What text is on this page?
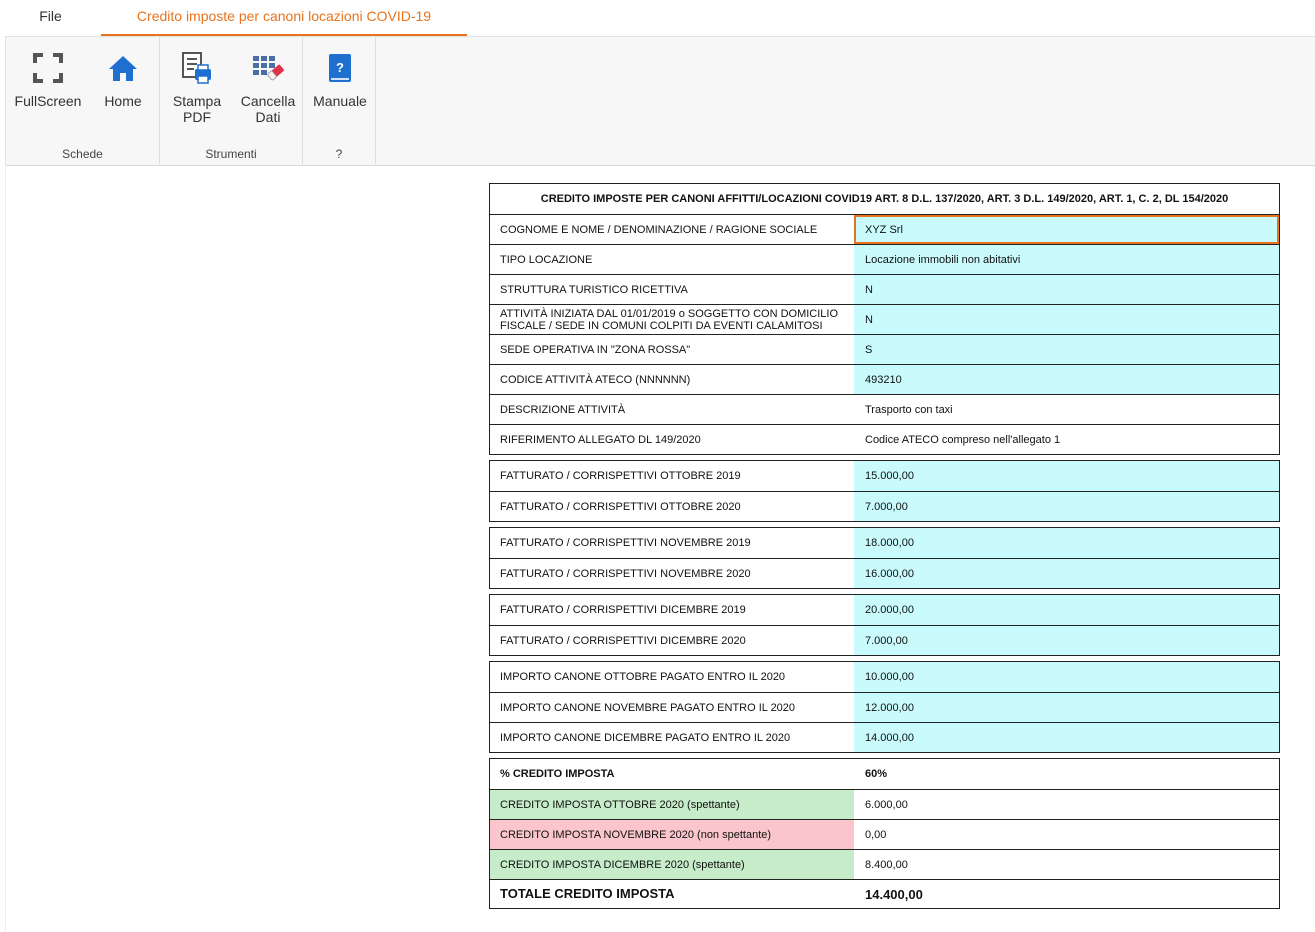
File	Credito imposte per canoni locazioni COVID-19
FullScreen	Home
Schede
Stampa
PDF
Cancella
Dati
Strumenti
?
Manuale
?
CREDITO IMPOSTE PER CANONI AFFITTI/LOCAZIONI COVID19 ART. 8 D.L. 137/2020, ART. 3 D.L. 149/2020, ART. 1, C. 2, DL 154/2020
COGNOME E NOME / DENOMINAZIONE / RAGIONE SOCIALE	XYZ Srl
TIPO LOCAZIONE	Locazione immobili non abitativi
STRUTTURA TURISTICO RICETTIVA	N
ATTIVITÀ INIZIATA DAL 01/01/2019 o SOGGETTO CON DOMICILIO FISCALE / SEDE IN COMUNI COLPITI DA EVENTI CALAMITOSI	N
SEDE OPERATIVA IN "ZONA ROSSA"	S
CODICE ATTIVITÀ ATECO (NNNNNN)	493210
DESCRIZIONE ATTIVITÀ	Trasporto con taxi
RIFERIMENTO ALLEGATO DL 149/2020	Codice ATECO compreso nell'allegato 1
FATTURATO / CORRISPETTIVI OTTOBRE 2019	15.000,00
FATTURATO / CORRISPETTIVI OTTOBRE 2020	7.000,00
FATTURATO / CORRISPETTIVI NOVEMBRE 2019	18.000,00
FATTURATO / CORRISPETTIVI NOVEMBRE 2020	16.000,00
FATTURATO / CORRISPETTIVI DICEMBRE 2019	20.000,00
FATTURATO / CORRISPETTIVI DICEMBRE 2020	7.000,00
IMPORTO CANONE OTTOBRE PAGATO ENTRO IL 2020	10.000,00
IMPORTO CANONE NOVEMBRE PAGATO ENTRO IL 2020	12.000,00
IMPORTO CANONE DICEMBRE PAGATO ENTRO IL 2020	14.000,00
% CREDITO IMPOSTA	60%
CREDITO IMPOSTA OTTOBRE 2020 (spettante)	6.000,00
CREDITO IMPOSTA NOVEMBRE 2020 (non spettante)	0,00
CREDITO IMPOSTA DICEMBRE 2020 (spettante)	8.400,00
TOTALE CREDITO IMPOSTA	14.400,00
